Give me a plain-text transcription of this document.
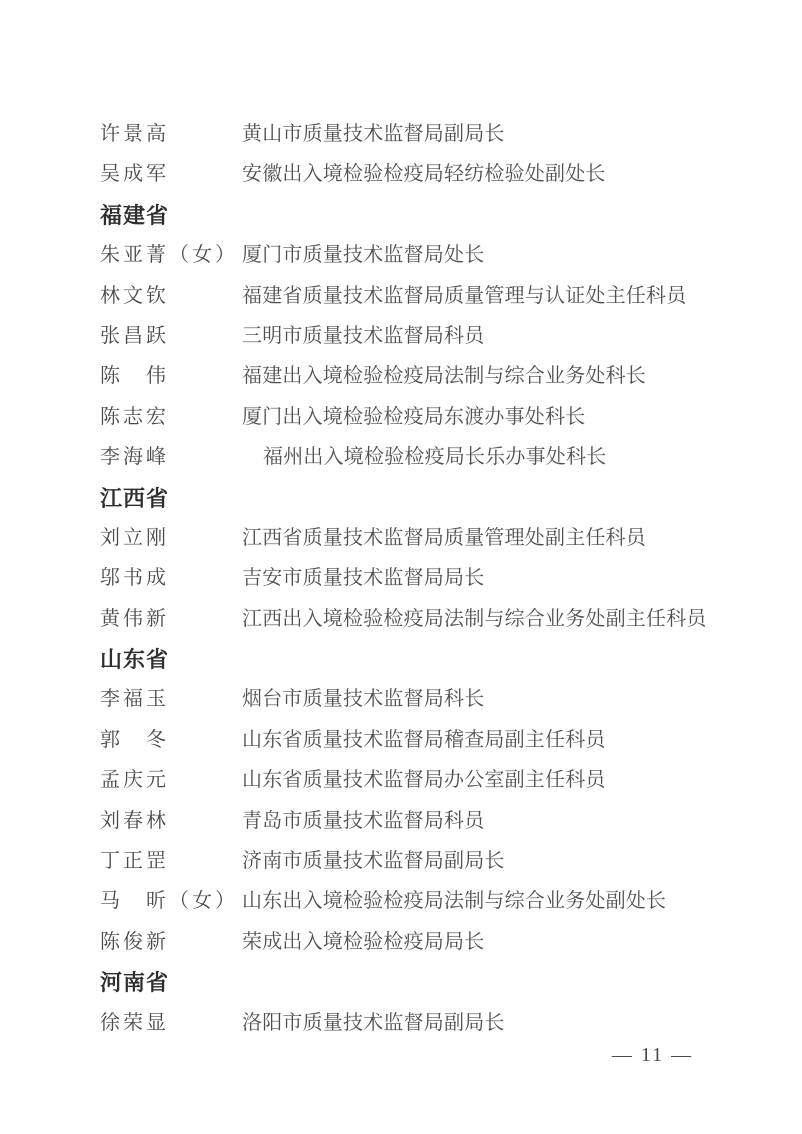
许景高	黄山市质量技术监督局副局长
吴成军	安徽出入境检验检疫局轻纺检验处副处长
福建省
朱亚菁（女） 厦门市质量技术监督局处长
林文钦	福建省质量技术监督局质量管理与认证处主任科员
张昌跃	三明市质量技术监督局科员
陈　伟	福建出入境检验检疫局法制与综合业务处科长
陈志宏	厦门出入境检验检疫局东渡办事处科长
李海峰	福州出入境检验检疫局长乐办事处科长
江西省
刘立刚	江西省质量技术监督局质量管理处副主任科员
邬书成	吉安市质量技术监督局局长
黄伟新	江西出入境检验检疫局法制与综合业务处副主任科员
山东省
李福玉	烟台市质量技术监督局科长
郭　冬	山东省质量技术监督局稽查局副主任科员
孟庆元	山东省质量技术监督局办公室副主任科员
刘春林	青岛市质量技术监督局科员
丁正罡	济南市质量技术监督局副局长
马　昕（女） 山东出入境检验检疫局法制与综合业务处副处长
陈俊新	荣成出入境检验检疫局局长
河南省
徐荣显	洛阳市质量技术监督局副局长
— 11 —
